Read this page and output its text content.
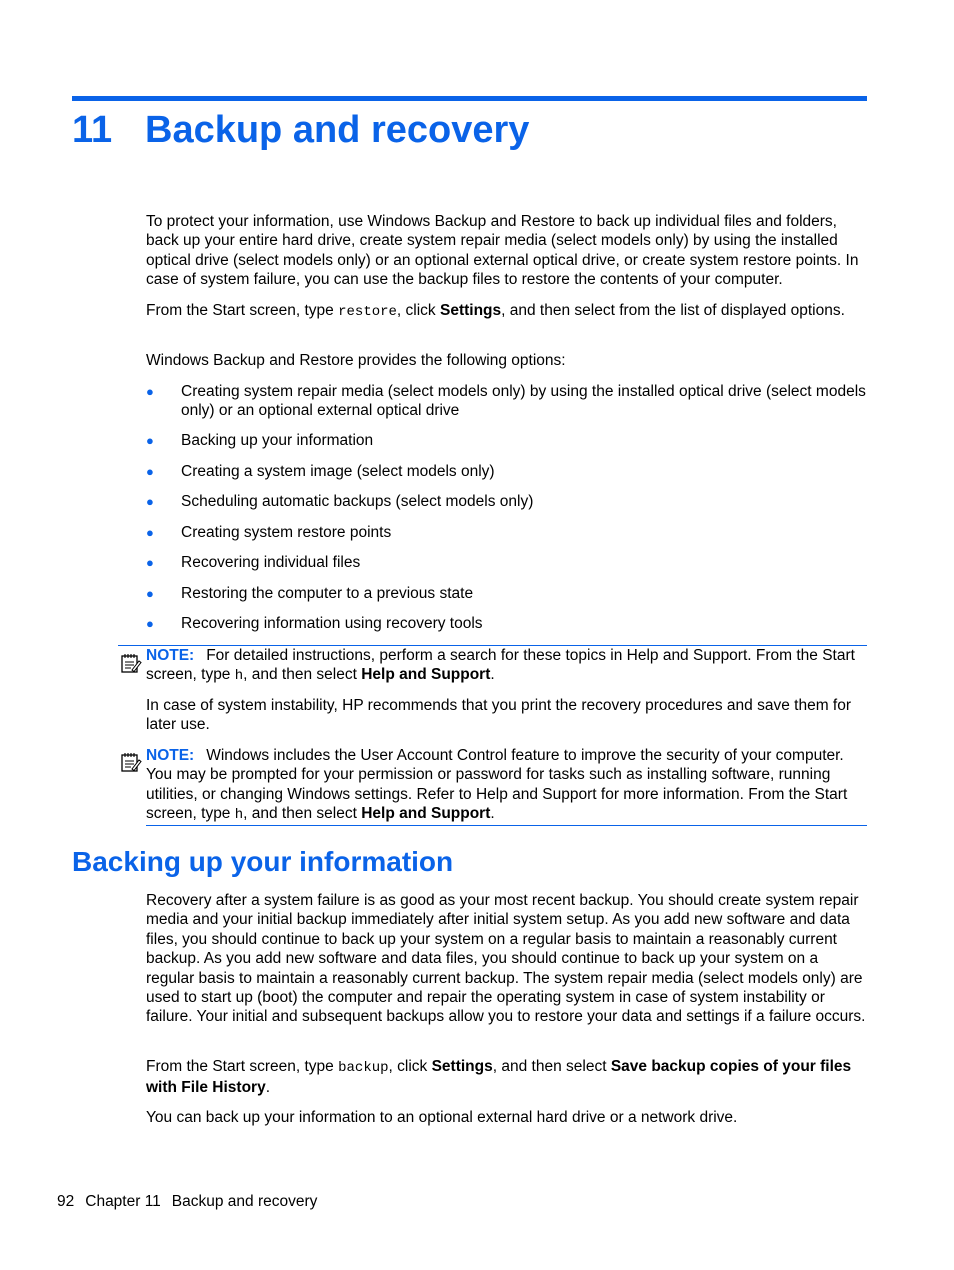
11 Backup and recovery

To protect your information, use Windows Backup and Restore to back up individual files and folders, back up your entire hard drive, create system repair media (select models only) by using the installed optical drive (select models only) or an optional external optical drive, or create system restore points. In case of system failure, you can use the backup files to restore the contents of your computer.

From the Start screen, type restore, click Settings, and then select from the list of displayed options.

Windows Backup and Restore provides the following options:

● Creating system repair media (select models only) by using the installed optical drive (select models only) or an optional external optical drive
● Backing up your information
● Creating a system image (select models only)
● Scheduling automatic backups (select models only)
● Creating system restore points
● Recovering individual files
● Restoring the computer to a previous state
● Recovering information using recovery tools
NOTE: For detailed instructions, perform a search for these topics in Help and Support. From the Start screen, type h, and then select Help and Support.

In case of system instability, HP recommends that you print the recovery procedures and save them for later use.

NOTE: Windows includes the User Account Control feature to improve the security of your computer. You may be prompted for your permission or password for tasks such as installing software, running utilities, or changing Windows settings. Refer to Help and Support for more information. From the Start screen, type h, and then select Help and Support.
Backing up your information

Recovery after a system failure is as good as your most recent backup. You should create system repair media and your initial backup immediately after initial system setup. As you add new software and data files, you should continue to back up your system on a regular basis to maintain a reasonably current backup. As you add new software and data files, you should continue to back up your system on a regular basis to maintain a reasonably current backup. The system repair media (select models only) are used to start up (boot) the computer and repair the operating system in case of system instability or failure. Your initial and subsequent backups allow you to restore your data and settings if a failure occurs.

From the Start screen, type backup, click Settings, and then select Save backup copies of your files with File History.

You can back up your information to an optional external hard drive or a network drive.

92 Chapter 11 Backup and recovery
